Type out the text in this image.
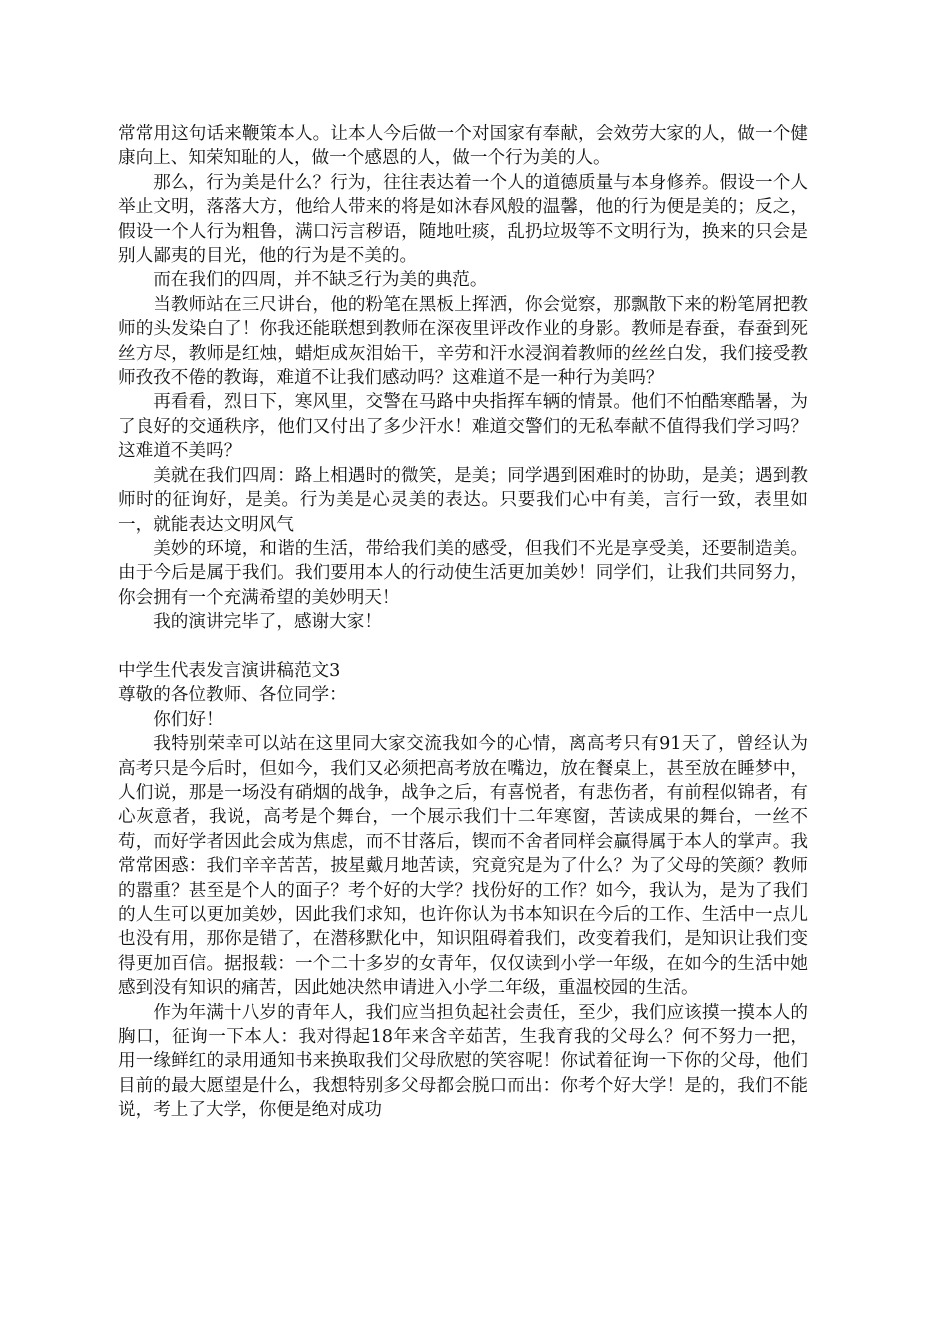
常常用这句话来鞭策本人。让本人今后做一个对国家有奉献，会效劳大家的人，做一个健康向上、知荣知耻的人，做一个感恩的人，做一个行为美的人。

那么，行为美是什么？行为，往往表达着一个人的道德质量与本身修养。假设一个人举止文明，落落大方，他给人带来的将是如沐春风般的温馨，他的行为便是美的；反之，假设一个人行为粗鲁，满口污言秽语，随地吐痰，乱扔垃圾等不文明行为，换来的只会是别人鄙夷的目光，他的行为是不美的。

而在我们的四周，并不缺乏行为美的典范。

当教师站在三尺讲台，他的粉笔在黑板上挥洒，你会觉察，那飘散下来的粉笔屑把教师的头发染白了！你我还能联想到教师在深夜里评改作业的身影。教师是春蚕，春蚕到死丝方尽，教师是红烛，蜡炬成灰泪始干，辛劳和汗水浸润着教师的丝丝白发，我们接受教师孜孜不倦的教诲，难道不让我们感动吗？这难道不是一种行为美吗？

再看看，烈日下，寒风里，交警在马路中央指挥车辆的情景。他们不怕酷寒酷暑，为了良好的交通秩序，他们又付出了多少汗水！难道交警们的无私奉献不值得我们学习吗？这难道不美吗？

美就在我们四周：路上相遇时的微笑，是美；同学遇到困难时的协助，是美；遇到教师时的征询好，是美。行为美是心灵美的表达。只要我们心中有美，言行一致，表里如一，就能表达文明风气

美妙的环境，和谐的生活，带给我们美的感受，但我们不光是享受美，还要制造美。由于今后是属于我们。我们要用本人的行动使生活更加美妙！同学们，让我们共同努力，你会拥有一个充满希望的美妙明天！

我的演讲完毕了，感谢大家！

中学生代表发言演讲稿范文3

尊敬的各位教师、各位同学：

你们好！

我特别荣幸可以站在这里同大家交流我如今的心情，离高考只有91天了，曾经认为高考只是今后时，但如今，我们又必须把高考放在嘴边，放在餐桌上，甚至放在睡梦中，人们说，那是一场没有硝烟的战争，战争之后，有喜悦者，有悲伤者，有前程似锦者，有心灰意者，我说，高考是个舞台，一个展示我们十二年寒窗，苦读成果的舞台，一丝不苟，而好学者因此会成为焦虑，而不甘落后，锲而不舍者同样会赢得属于本人的掌声。我常常困惑：我们辛辛苦苦，披星戴月地苦读，究竟究是为了什么？为了父母的笑颜？教师的嚣重？甚至是个人的面子？考个好的大学？找份好的工作？如今，我认为，是为了我们的人生可以更加美妙，因此我们求知，也许你认为书本知识在今后的工作、生活中一点儿也没有用，那你是错了，在潜移默化中，知识阻碍着我们，改变着我们，是知识让我们变得更加百信。据报载：一个二十多岁的女青年，仅仅读到小学一年级，在如今的生活中她感到没有知识的痛苦，因此她决然申请进入小学二年级，重温校园的生活。

作为年满十八岁的青年人，我们应当担负起社会责任，至少，我们应该摸一摸本人的胸口，征询一下本人：我对得起18年来含辛茹苦，生我育我的父母么？何不努力一把，用一缘鲜红的录用通知书来换取我们父母欣慰的笑容呢！你试着征询一下你的父母，他们目前的最大愿望是什么，我想特别多父母都会脱口而出：你考个好大学！是的，我们不能说，考上了大学，你便是绝对成功
